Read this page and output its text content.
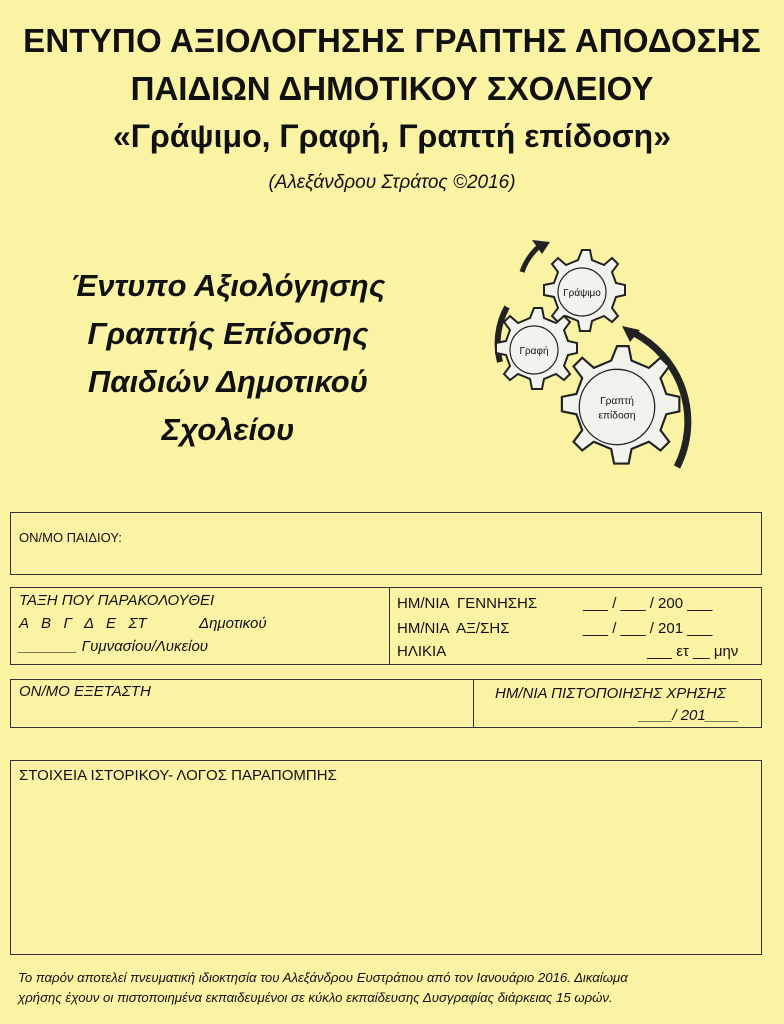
ΕΝΤΥΠΟ ΑΞΙΟΛΟΓΗΣΗΣ ΓΡΑΠΤΗΣ ΑΠΟΔΟΣΗΣ
ΠΑΙΔΙΩΝ ΔΗΜΟΤΙΚΟΥ ΣΧΟΛΕΙΟΥ
«Γράψιμο, Γραφή, Γραπτή επίδοση»
(Αλεξάνδρου Στράτος ©2016)
Έντυπο Αξιολόγησης
Γραπτής Επίδοσης
Παιδιών Δημοτικού
Σχολείου
Γράψιμο
Γραφή
Γραπτή
επίδοση
ΟΝ/ΜΟ ΠΑΙΔΙΟΥ:
ΤΑΞΗ ΠΟΥ ΠΑΡΑΚΟΛΟΥΘΕΙ
Α   Β   Γ   Δ   Ε   ΣΤ	Δημοτικού
_______ Γυμνασίου/Λυκείου
ΗΜ/ΝΙΑ  ΓΕΝΝΗΣΗΣ	___ / ___ / 200 ___
ΗΜ/ΝΙΑ  ΑΞ/ΣΗΣ	___ / ___ / 201 ___
ΗΛΙΚΙΑ	___ ετ __ μην
ΟΝ/ΜΟ ΕΞΕΤΑΣΤΗ	ΗΜ/ΝΙΑ ΠΙΣΤΟΠΟΙΗΣΗΣ ΧΡΗΣΗΣ
____/ 201____
ΣΤΟΙΧΕΙΑ ΙΣΤΟΡΙΚΟΥ- ΛΟΓΟΣ ΠΑΡΑΠΟΜΠΗΣ
Το παρόν αποτελεί πνευματική ιδιοκτησία του Αλεξάνδρου Ευστράτιου από τον Ιανουάριο 2016. Δικαίωμα
χρήσης έχουν οι πιστοποιημένα εκπαιδευμένοι σε κύκλο εκπαίδευσης Δυσγραφίας διάρκειας 15 ωρών.
